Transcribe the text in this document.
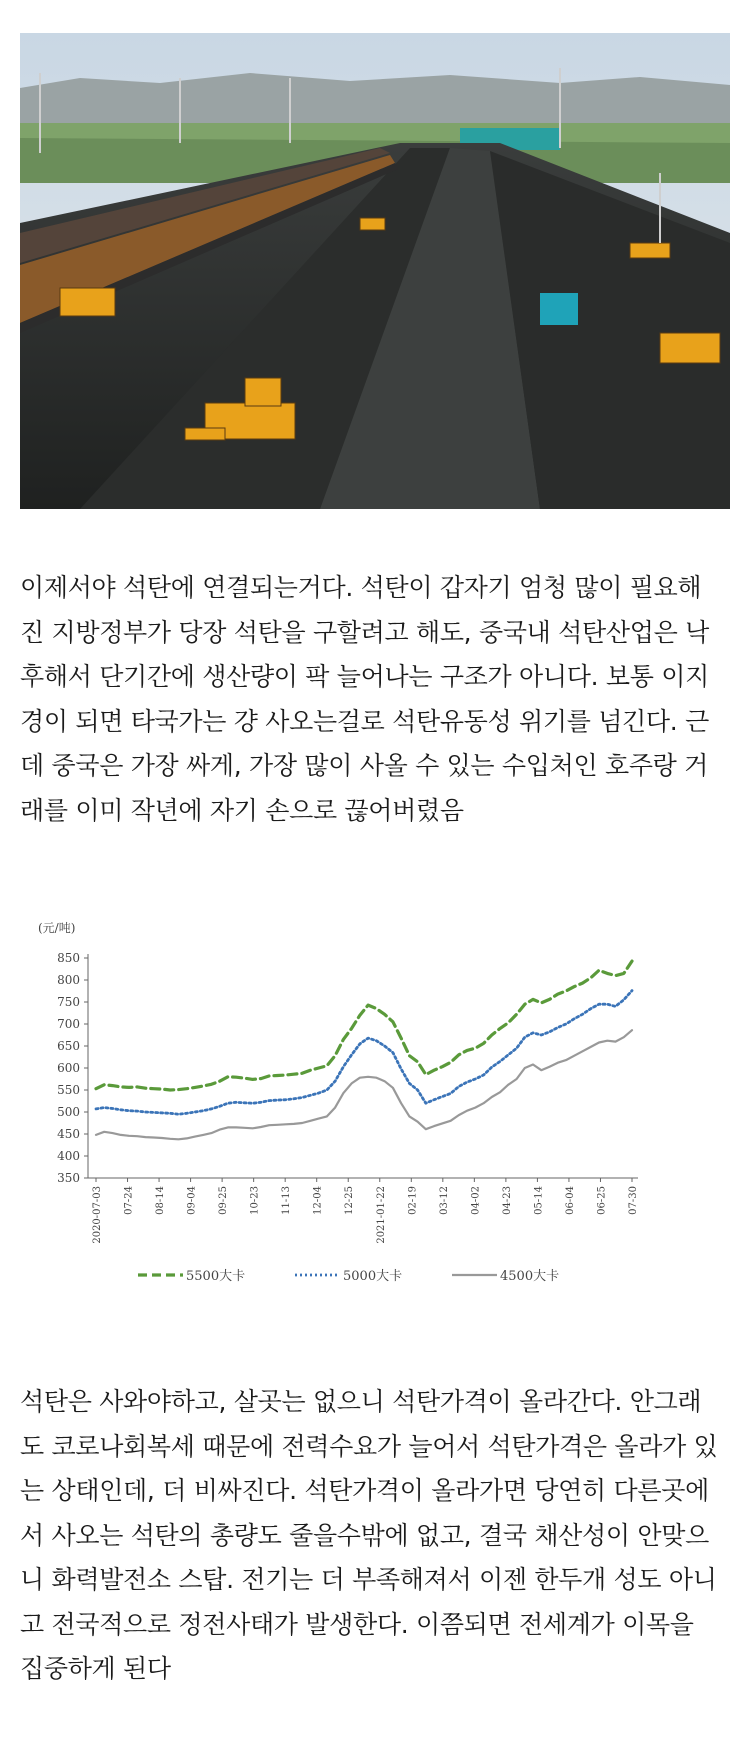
이제서야 석탄에 연결되는거다. 석탄이 갑자기 엄청 많이 필요해
진 지방정부가 당장 석탄을 구할려고 해도, 중국내 석탄산업은 낙
후해서 단기간에 생산량이 팍 늘어나는 구조가 아니다. 보통 이지
경이 되면 타국가는 걍 사오는걸로 석탄유동성 위기를 넘긴다. 근
데 중국은 가장 싸게, 가장 많이 사올 수 있는 수입처인 호주랑 거
래를 이미 작년에 자기 손으로 끊어버렸음

(元/吨)
350
400
450
500
550
600
650
700
750
800
850
2020-07-03 07-24 08-14 09-04 09-25 10-23 11-13 12-04 12-25 2021-01-22 02-19 03-12 04-02 04-23 05-14 06-04 06-25 07-30
5500大卡	5000大卡	4500大卡

석탄은 사와야하고, 살곳는 없으니 석탄가격이 올라간다. 안그래
도 코로나회복세 때문에 전력수요가 늘어서 석탄가격은 올라가 있
는 상태인데, 더 비싸진다. 석탄가격이 올라가면 당연히 다른곳에
서 사오는 석탄의 총량도 줄을수밖에 없고, 결국 채산성이 안맞으
니 화력발전소 스탑. 전기는 더 부족해져서 이젠 한두개 성도 아니
고 전국적으로 정전사태가 발생한다. 이쯤되면 전세계가 이목을
집중하게 된다
